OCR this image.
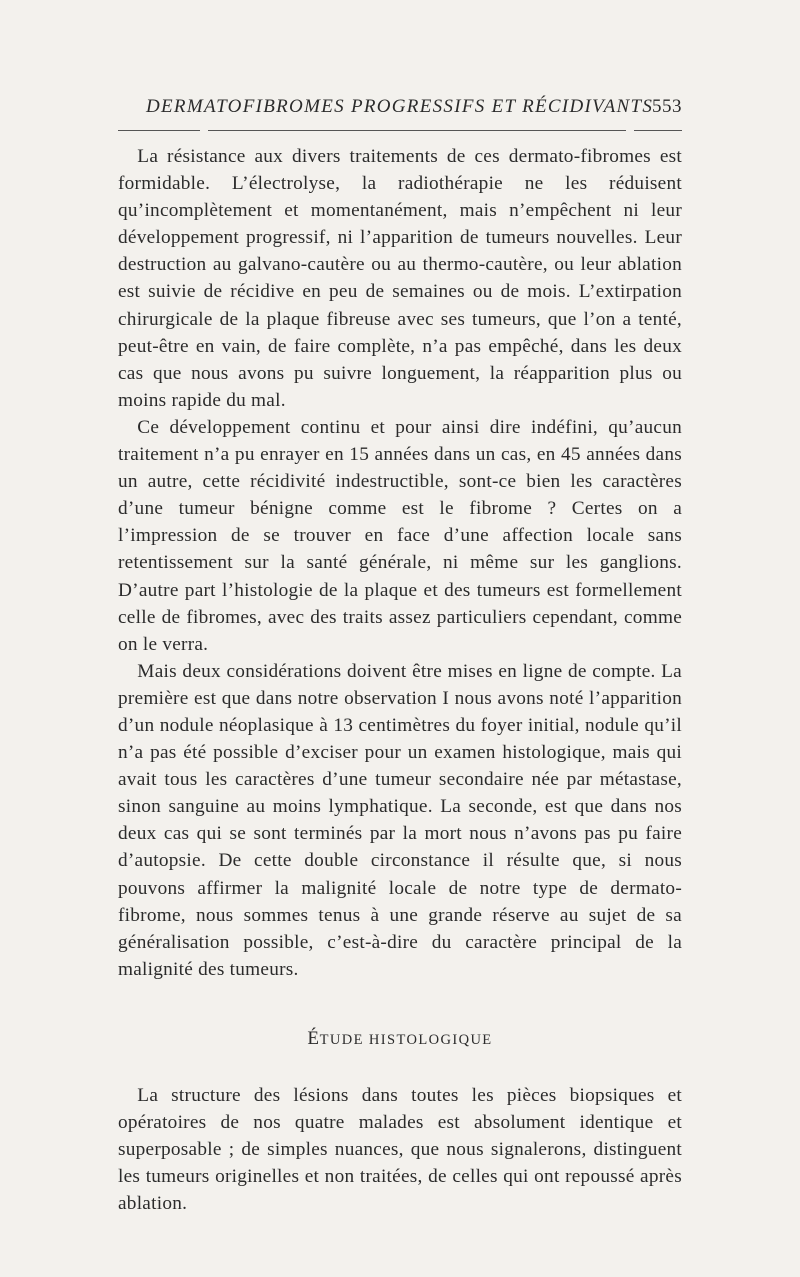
DERMATOFIBROMES PROGRESSIFS ET RÉCIDIVANTS
553

La résistance aux divers traitements de ces dermato-fibromes est formidable. L’électrolyse, la radiothérapie ne les réduisent qu’incomplètement et momentanément, mais n’empêchent ni leur développement progressif, ni l’apparition de tumeurs nouvelles. Leur destruction au galvano-cautère ou au thermo-cautère, ou leur ablation est suivie de récidive en peu de semaines ou de mois. L’extirpation chirurgicale de la plaque fibreuse avec ses tumeurs, que l’on a tenté, peut-être en vain, de faire complète, n’a pas empêché, dans les deux cas que nous avons pu suivre longuement, la réapparition plus ou moins rapide du mal.

Ce développement continu et pour ainsi dire indéfini, qu’aucun traitement n’a pu enrayer en 15 années dans un cas, en 45 années dans un autre, cette récidivité indestructible, sont-ce bien les caractères d’une tumeur bénigne comme est le fibrome ? Certes on a l’impression de se trouver en face d’une affection locale sans retentissement sur la santé générale, ni même sur les ganglions. D’autre part l’histologie de la plaque et des tumeurs est formellement celle de fibromes, avec des traits assez particuliers cependant, comme on le verra.

Mais deux considérations doivent être mises en ligne de compte. La première est que dans notre observation I nous avons noté l’apparition d’un nodule néoplasique à 13 centimètres du foyer initial, nodule qu’il n’a pas été possible d’exciser pour un examen histologique, mais qui avait tous les caractères d’une tumeur secondaire née par métastase, sinon sanguine au moins lymphatique. La seconde, est que dans nos deux cas qui se sont terminés par la mort nous n’avons pas pu faire d’autopsie. De cette double circonstance il résulte que, si nous pouvons affirmer la malignité locale de notre type de dermato-fibrome, nous sommes tenus à une grande réserve au sujet de sa généralisation possible, c’est-à-dire du caractère principal de la malignité des tumeurs.

ÉTUDE HISTOLOGIQUE

La structure des lésions dans toutes les pièces biopsiques et opératoires de nos quatre malades est absolument identique et superposable ; de simples nuances, que nous signalerons, distinguent les tumeurs originelles et non traitées, de celles qui ont repoussé après ablation.
